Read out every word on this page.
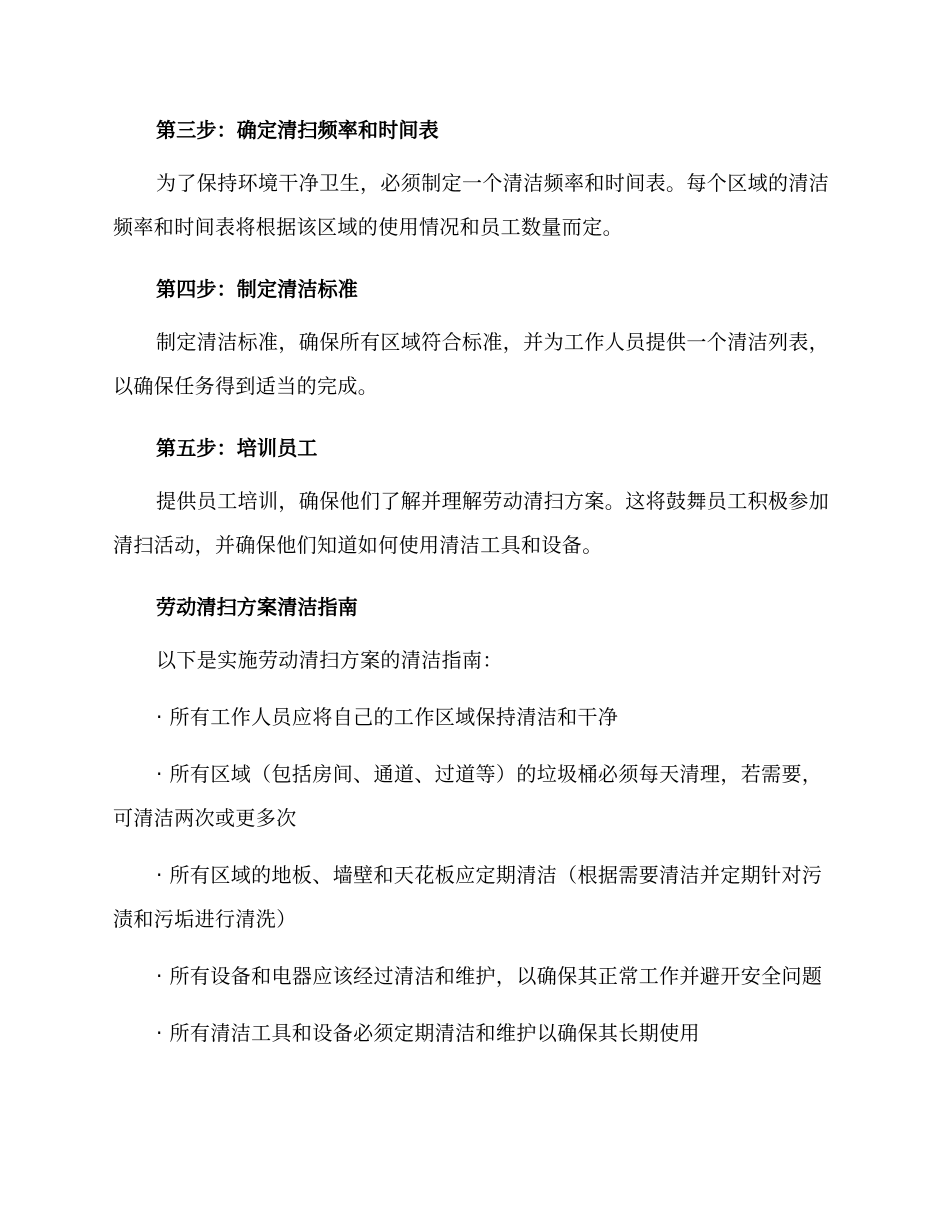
第三步：确定清扫频率和时间表

为了保持环境干净卫生，必须制定一个清洁频率和时间表。每个区域的清洁频率和时间表将根据该区域的使用情况和员工数量而定。

第四步：制定清洁标准

制定清洁标准，确保所有区域符合标准，并为工作人员提供一个清洁列表，以确保任务得到适当的完成。

第五步：培训员工

提供员工培训，确保他们了解并理解劳动清扫方案。这将鼓舞员工积极参加清扫活动，并确保他们知道如何使用清洁工具和设备。

劳动清扫方案清洁指南

以下是实施劳动清扫方案的清洁指南：

· 所有工作人员应将自己的工作区域保持清洁和干净

· 所有区域（包括房间、通道、过道等）的垃圾桶必须每天清理，若需要，可清洁两次或更多次

· 所有区域的地板、墙壁和天花板应定期清洁（根据需要清洁并定期针对污渍和污垢进行清洗）

· 所有设备和电器应该经过清洁和维护，以确保其正常工作并避开安全问题

· 所有清洁工具和设备必须定期清洁和维护以确保其长期使用
